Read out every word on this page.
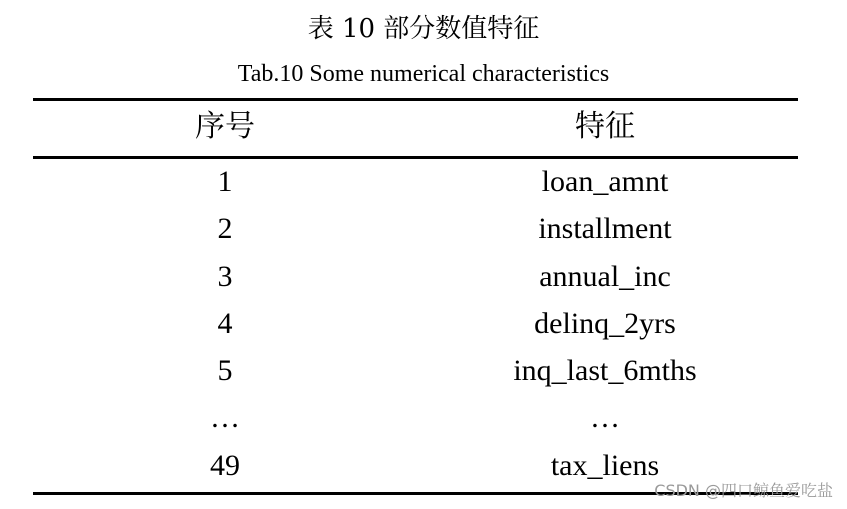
表 10 部分数值特征
Tab.10 Some numerical characteristics
序号	特征
1	loan_amnt
2	installment
3	annual_inc
4	delinq_2yrs
5	inq_last_6mths
…	…
49	tax_liens
CSDN @四口鲸鱼爱吃盐
